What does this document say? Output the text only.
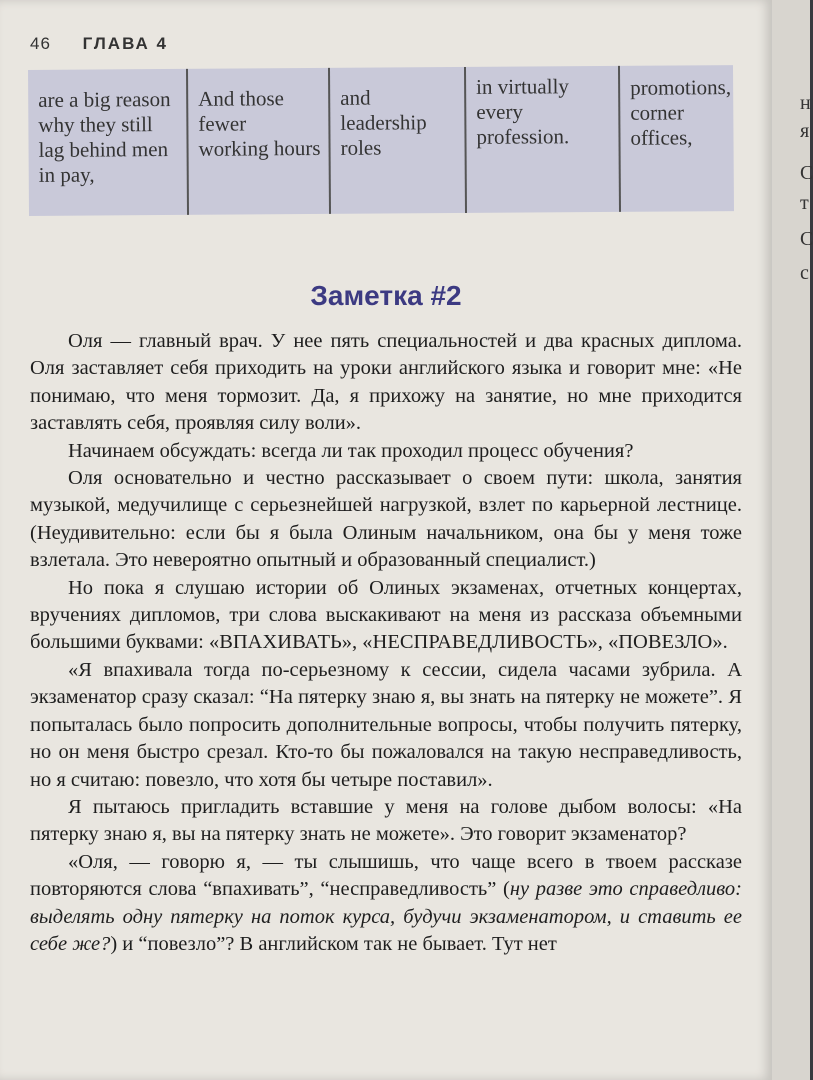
46 ГЛАВА 4
are a big reason why they still lag behind men in pay,
And those fewer working hours
and leadership roles
in virtually every profession.
promotions, corner offices,
Заметка #2

Оля — главный врач. У нее пять специальностей и два красных диплома. Оля заставляет себя приходить на уроки английского языка и говорит мне: «Не понимаю, что меня тормозит. Да, я прихожу на занятие, но мне приходится заставлять себя, проявляя силу воли».

Начинаем обсуждать: всегда ли так проходил процесс обучения?

Оля основательно и честно рассказывает о своем пути: школа, занятия музыкой, медучилище с серьезнейшей нагрузкой, взлет по карьерной лестнице. (Неудивительно: если бы я была Олиным начальником, она бы у меня тоже взлетала. Это невероятно опытный и образованный специалист.)

Но пока я слушаю истории об Олиных экзаменах, отчетных концертах, вручениях дипломов, три слова выскакивают на меня из рассказа объемными большими буквами: «ВПАХИВАТЬ», «НЕСПРАВЕДЛИВОСТЬ», «ПОВЕЗЛО».

«Я впахивала тогда по-серьезному к сессии, сидела часами зубрила. А экзаменатор сразу сказал: “На пятерку знаю я, вы знать на пятерку не можете”. Я попыталась было попросить дополнительные вопросы, чтобы получить пятерку, но он меня быстро срезал. Кто-то бы пожаловался на такую несправедливость, но я считаю: повезло, что хотя бы четыре поставил».

Я пытаюсь пригладить вставшие у меня на голове дыбом волосы: «На пятерку знаю я, вы на пятерку знать не можете». Это говорит экзаменатор?

«Оля, — говорю я, — ты слышишь, что чаще всего в твоем рассказе повторяются слова “впахивать”, “несправедливость” (ну разве это справедливо: выделять одну пятерку на поток курса, будучи экзаменатором, и ставить ее себе же?) и “повезло”? В английском так не бывает. Тут нет

н
я
С
т
С
с
